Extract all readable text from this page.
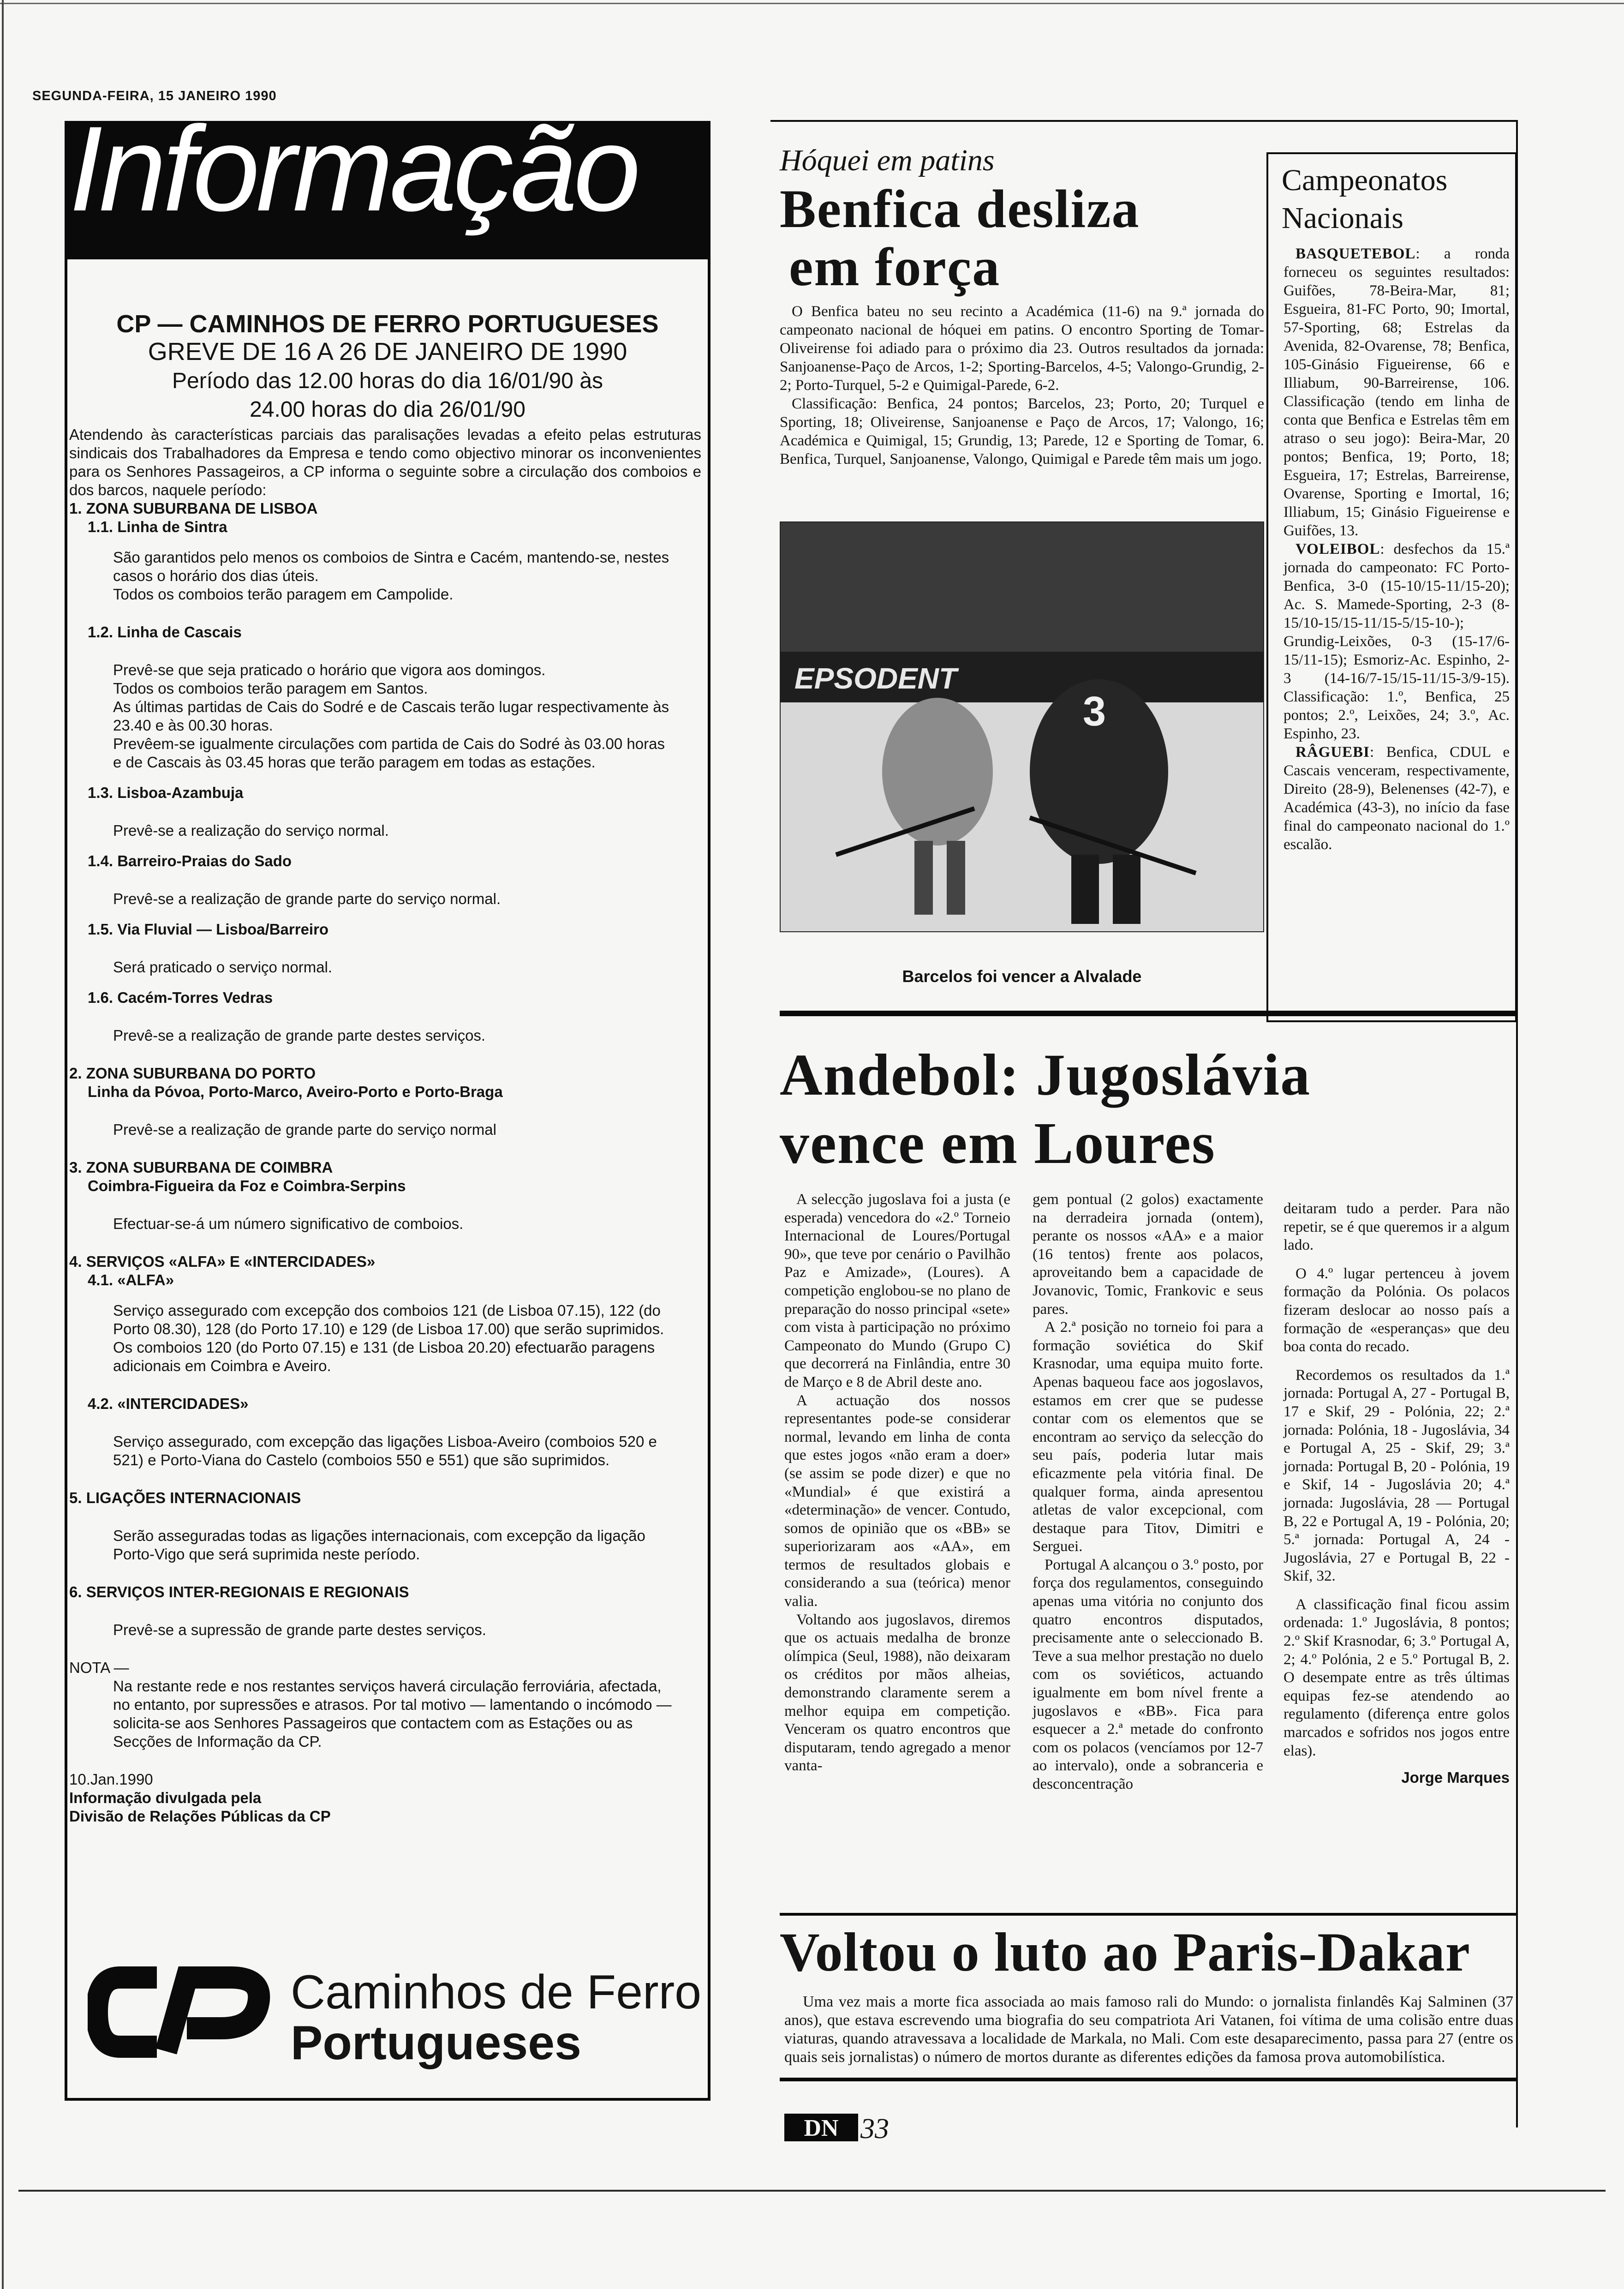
SEGUNDA-FEIRA, 15 JANEIRO 1990
Informação
CP — CAMINHOS DE FERRO PORTUGUESES
GREVE DE 16 A 26 DE JANEIRO DE 1990
Período das 12.00 horas do dia 16/01/90 às
24.00 horas do dia 26/01/90

Atendendo às características parciais das paralisações levadas a efeito pelas estruturas sindicais dos Trabalhadores da Empresa e tendo como objectivo minorar os inconvenientes para os Senhores Passageiros, a CP informa o seguinte sobre a circulação dos comboios e dos barcos, naquele período:

1. ZONA SUBURBANA DE LISBOA

1.1. Linha de Sintra

São garantidos pelo menos os comboios de Sintra e Cacém, mantendo-se, nestes casos o horário dos dias úteis.

Todos os comboios terão paragem em Campolide.

1.2. Linha de Cascais

Prevê-se que seja praticado o horário que vigora aos domingos.

Todos os comboios terão paragem em Santos.

As últimas partidas de Cais do Sodré e de Cascais terão lugar respectivamente às 23.40 e às 00.30 horas.

Prevêem-se igualmente circulações com partida de Cais do Sodré às 03.00 horas e de Cascais às 03.45 horas que terão paragem em todas as estações.

1.3. Lisboa-Azambuja

Prevê-se a realização do serviço normal.

1.4. Barreiro-Praias do Sado

Prevê-se a realização de grande parte do serviço normal.

1.5. Via Fluvial — Lisboa/Barreiro

Será praticado o serviço normal.

1.6. Cacém-Torres Vedras

Prevê-se a realização de grande parte destes serviços.

2. ZONA SUBURBANA DO PORTO

Linha da Póvoa, Porto-Marco, Aveiro-Porto e Porto-Braga

Prevê-se a realização de grande parte do serviço normal

3. ZONA SUBURBANA DE COIMBRA

Coimbra-Figueira da Foz e Coimbra-Serpins

Efectuar-se-á um número significativo de comboios.

4. SERVIÇOS «ALFA» E «INTERCIDADES»

4.1. «ALFA»

Serviço assegurado com excepção dos comboios 121 (de Lisboa 07.15), 122 (do Porto 08.30), 128 (do Porto 17.10) e 129 (de Lisboa 17.00) que serão suprimidos.

Os comboios 120 (do Porto 07.15) e 131 (de Lisboa 20.20) efectuarão paragens adicionais em Coimbra e Aveiro.

4.2. «INTERCIDADES»

Serviço assegurado, com excepção das ligações Lisboa-Aveiro (comboios 520 e 521) e Porto-Viana do Castelo (comboios 550 e 551) que são suprimidos.

5. LIGAÇÕES INTERNACIONAIS

Serão asseguradas todas as ligações internacionais, com excepção da ligação Porto-Vigo que será suprimida neste período.

6. SERVIÇOS INTER-REGIONAIS E REGIONAIS

Prevê-se a supressão de grande parte destes serviços.

NOTA —

Na restante rede e nos restantes serviços haverá circulação ferroviária, afectada, no entanto, por supressões e atrasos. Por tal motivo — lamentando o incómodo — solicita-se aos Senhores Passageiros que contactem com as Estações ou as Secções de Informação da CP.

10.Jan.1990

Informação divulgada pela

Divisão de Relações Públicas da CP

Caminhos de Ferro
Portugueses
Hóquei em patins
Benfica desliza
em força

O Benfica bateu no seu recinto a Académica (11-6) na 9.ª jornada do campeonato nacional de hóquei em patins. O encontro Sporting de Tomar-Oliveirense foi adiado para o próximo dia 23. Outros resultados da jornada: Sanjoanense-Paço de Arcos, 1-2; Sporting-Barcelos, 4-5; Valongo-Grundig, 2-2; Porto-Turquel, 5-2 e Quimigal-Parede, 6-2.

Classificação: Benfica, 24 pontos; Barcelos, 23; Porto, 20; Turquel e Sporting, 18; Oliveirense, Sanjoanense e Paço de Arcos, 17; Valongo, 16; Académica e Quimigal, 15; Grundig, 13; Parede, 12 e Sporting de Tomar, 6. Benfica, Turquel, Sanjoanense, Valongo, Quimigal e Parede têm mais um jogo.

EPSODENT
3
Barcelos foi vencer a Alvalade
Campeonatos
Nacionais

BASQUETEBOL: a ronda forneceu os seguintes resultados: Guifões, 78-Beira-Mar, 81; Esgueira, 81-FC Porto, 90; Imortal, 57-Sporting, 68; Estrelas da Avenida, 82-Ovarense, 78; Benfica, 105-Ginásio Figueirense, 66 e Illiabum, 90-Barreirense, 106. Classificação (tendo em linha de conta que Benfica e Estrelas têm em atraso o seu jogo): Beira-Mar, 20 pontos; Benfica, 19; Porto, 18; Esgueira, 17; Estrelas, Barreirense, Ovarense, Sporting e Imortal, 16; Illiabum, 15; Ginásio Figueirense e Guifões, 13.

VOLEIBOL: desfechos da 15.ª jornada do campeonato: FC Porto-Benfica, 3-0 (15-10/15-11/15-20); Ac. S. Mamede-Sporting, 2-3 (8-15/10-15/15-11/15-5/15-10-); Grundig-Leixões, 0-3 (15-17/6-15/11-15); Esmoriz-Ac. Espinho, 2-3 (14-16/7-15/15-11/15-3/9-15). Classificação: 1.º, Benfica, 25 pontos; 2.º, Leixões, 24; 3.º, Ac. Espinho, 23.

RÂGUEBI: Benfica, CDUL e Cascais venceram, respectivamente, Direito (28-9), Belenenses (42-7), e Académica (43-3), no início da fase final do campeonato nacional do 1.º escalão.

Andebol: Jugoslávia
vence em Loures

A selecção jugoslava foi a justa (e esperada) vencedora do «2.º Torneio Internacional de Loures/Portugal 90», que teve por cenário o Pavilhão Paz e Amizade», (Loures). A competição englobou-se no plano de preparação do nosso principal «sete» com vista à participação no próximo Campeonato do Mundo (Grupo C) que decorrerá na Finlândia, entre 30 de Março e 8 de Abril deste ano.

A actuação dos nossos representantes pode-se considerar normal, levando em linha de conta que estes jogos «não eram a doer» (se assim se pode dizer) e que no «Mundial» é que existirá a «determinação» de vencer. Contudo, somos de opinião que os «BB» se superiorizaram aos «AA», em termos de resultados globais e considerando a sua (teórica) menor valia.

Voltando aos jugoslavos, diremos que os actuais medalha de bronze olímpica (Seul, 1988), não deixaram os créditos por mãos alheias, demonstrando claramente serem a melhor equipa em competição. Venceram os quatro encontros que disputaram, tendo agregado a menor vanta-

gem pontual (2 golos) exactamente na derradeira jornada (ontem), perante os nossos «AA» e a maior (16 tentos) frente aos polacos, aproveitando bem a capacidade de Jovanovic, Tomic, Frankovic e seus pares.

A 2.ª posição no torneio foi para a formação soviética do Skif Krasnodar, uma equipa muito forte. Apenas baqueou face aos jogoslavos, estamos em crer que se pudesse contar com os elementos que se encontram ao serviço da selecção do seu país, poderia lutar mais eficazmente pela vitória final. De qualquer forma, ainda apresentou atletas de valor excepcional, com destaque para Titov, Dimitri e Serguei.

Portugal A alcançou o 3.º posto, por força dos regulamentos, conseguindo apenas uma vitória no conjunto dos quatro encontros disputados, precisamente ante o seleccionado B. Teve a sua melhor prestação no duelo com os soviéticos, actuando igualmente em bom nível frente a jugoslavos e «BB». Fica para esquecer a 2.ª metade do confronto com os polacos (vencíamos por 12-7 ao intervalo), onde a sobranceria e desconcentração

deitaram tudo a perder. Para não repetir, se é que queremos ir a algum lado.

O 4.º lugar pertenceu à jovem formação da Polónia. Os polacos fizeram deslocar ao nosso país a formação de «esperanças» que deu boa conta do recado.

Recordemos os resultados da 1.ª jornada: Portugal A, 27 - Portugal B, 17 e Skif, 29 - Polónia, 22; 2.ª jornada: Polónia, 18 - Jugoslávia, 34 e Portugal A, 25 - Skif, 29; 3.ª jornada: Portugal B, 20 - Polónia, 19 e Skif, 14 - Jugoslávia 20; 4.ª jornada: Jugoslávia, 28 — Portugal B, 22 e Portugal A, 19 - Polónia, 20; 5.ª jornada: Portugal A, 24 - Jugoslávia, 27 e Portugal B, 22 - Skif, 32.

A classificação final ficou assim ordenada: 1.º Jugoslávia, 8 pontos; 2.º Skif Krasnodar, 6; 3.º Portugal A, 2; 4.º Polónia, 2 e 5.º Portugal B, 2. O desempate entre as três últimas equipas fez-se atendendo ao regulamento (diferença entre golos marcados e sofridos nos jogos entre elas).

Jorge Marques

Voltou o luto ao Paris-Dakar

Uma vez mais a morte fica associada ao mais famoso rali do Mundo: o jornalista finlandês Kaj Salminen (37 anos), que estava escrevendo uma biografia do seu compatriota Ari Vatanen, foi vítima de uma colisão entre duas viaturas, quando atravessava a localidade de Markala, no Mali. Com este desaparecimento, passa para 27 (entre os quais seis jornalistas) o número de mortos durante as diferentes edições da famosa prova automobilística.

DN 33
